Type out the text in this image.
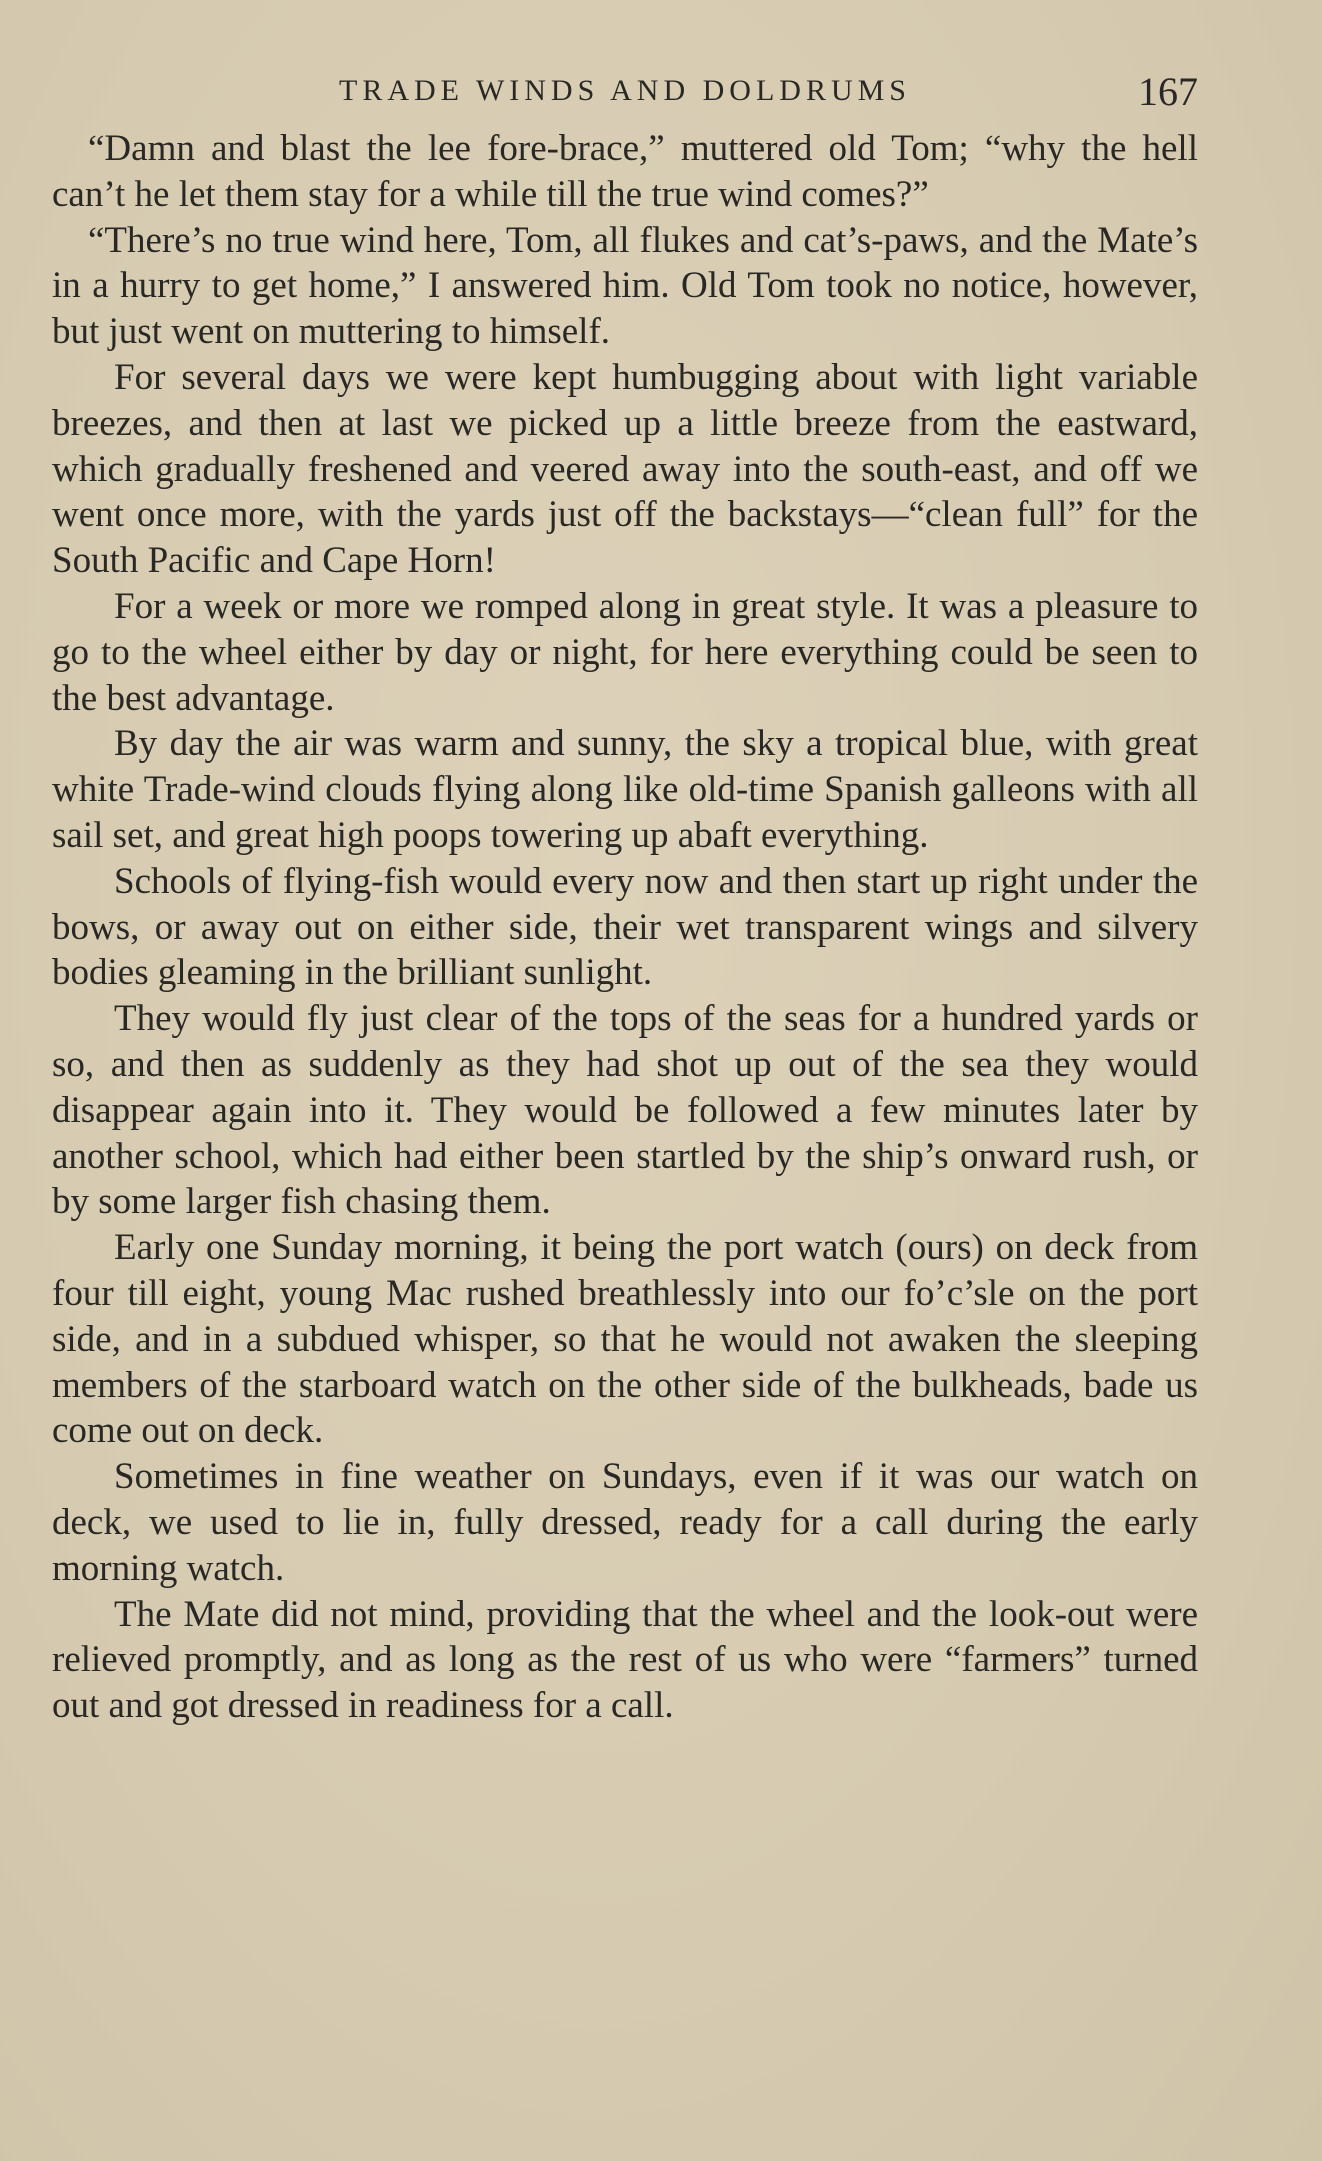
TRADE WINDS AND DOLDRUMS	167

“Damn and blast the lee fore-brace,” muttered old Tom; “why the hell can’t he let them stay for a while till the true wind comes?”

“There’s no true wind here, Tom, all flukes and cat’s-paws, and the Mate’s in a hurry to get home,” I answered him. Old Tom took no notice, however, but just went on muttering to himself.

For several days we were kept humbugging about with light variable breezes, and then at last we picked up a little breeze from the eastward, which gradually freshened and veered away into the south-east, and off we went once more, with the yards just off the backstays—“clean full” for the South Pacific and Cape Horn!

For a week or more we romped along in great style. It was a pleasure to go to the wheel either by day or night, for here everything could be seen to the best advantage.

By day the air was warm and sunny, the sky a tropical blue, with great white Trade-wind clouds flying along like old-time Spanish galleons with all sail set, and great high poops towering up abaft everything.

Schools of flying-fish would every now and then start up right under the bows, or away out on either side, their wet transparent wings and silvery bodies gleaming in the brilliant sunlight.

They would fly just clear of the tops of the seas for a hundred yards or so, and then as suddenly as they had shot up out of the sea they would disappear again into it. They would be followed a few minutes later by another school, which had either been startled by the ship’s onward rush, or by some larger fish chasing them.

Early one Sunday morning, it being the port watch (ours) on deck from four till eight, young Mac rushed breathlessly into our fo’c’sle on the port side, and in a subdued whisper, so that he would not awaken the sleeping members of the starboard watch on the other side of the bulkheads, bade us come out on deck.

Sometimes in fine weather on Sundays, even if it was our watch on deck, we used to lie in, fully dressed, ready for a call during the early morning watch.

The Mate did not mind, providing that the wheel and the look-out were relieved promptly, and as long as the rest of us who were “farmers” turned out and got dressed in readiness for a call.
